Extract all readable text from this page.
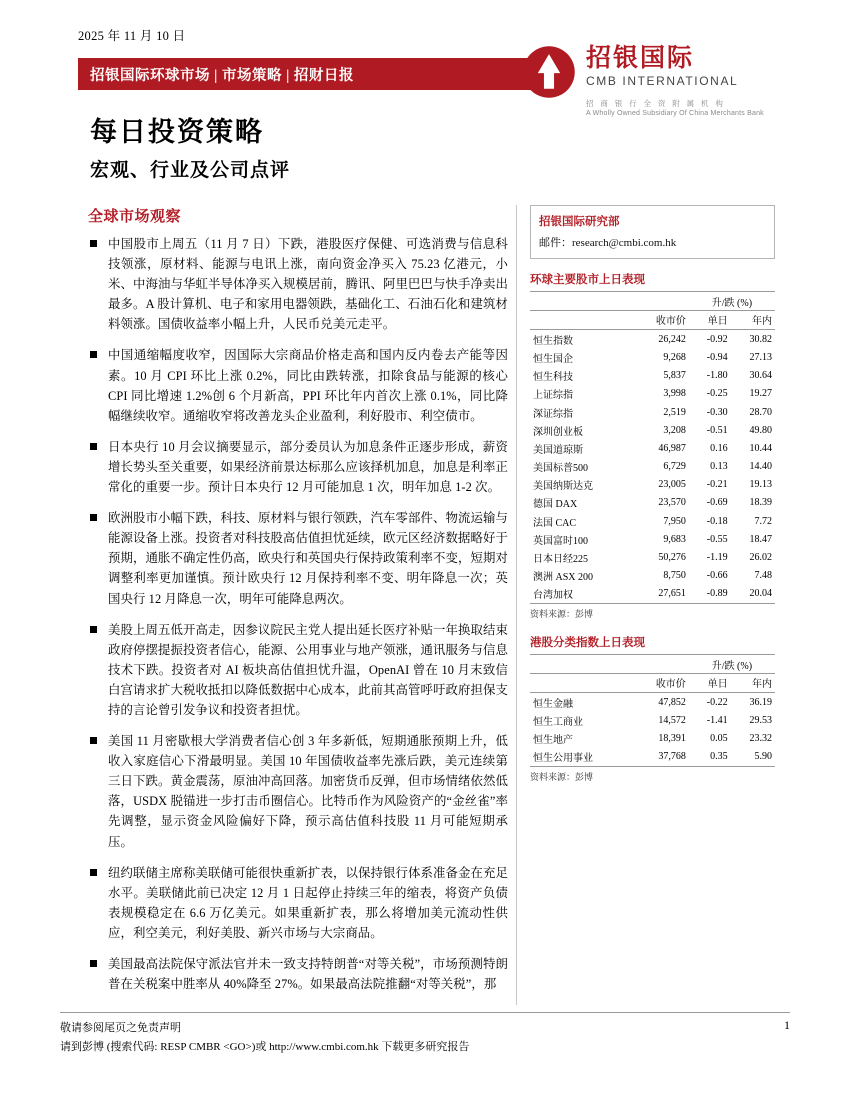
2025 年 11 月 10 日
招银国际环球市场 | 市场策略 | 招财日报
招银国际
CMB INTERNATIONAL
招 商 银 行 全 资 附 属 机 构
A Wholly Owned Subsidiary Of China Merchants Bank
每日投资策略
宏观、行业及公司点评
全球市场观察
中国股市上周五（11 月 7 日）下跌，港股医疗保健、可选消费与信息科技领涨，原材料、能源与电讯上涨，南向资金净买入 75.23 亿港元，小米、中海油与华虹半导体净买入规模居前，腾讯、阿里巴巴与快手净卖出最多。A 股计算机、电子和家用电器领跌，基础化工、石油石化和建筑材料领涨。国债收益率小幅上升，人民币兑美元走平。
中国通缩幅度收窄，因国际大宗商品价格走高和国内反内卷去产能等因素。10 月 CPI 环比上涨 0.2%，同比由跌转涨，扣除食品与能源的核心 CPI 同比增速 1.2%创 6 个月新高，PPI 环比年内首次上涨 0.1%，同比降幅继续收窄。通缩收窄将改善龙头企业盈利，利好股市、利空债市。
日本央行 10 月会议摘要显示，部分委员认为加息条件正逐步形成，薪资增长势头至关重要，如果经济前景达标那么应该择机加息，加息是利率正常化的重要一步。预计日本央行 12 月可能加息 1 次，明年加息 1-2 次。
欧洲股市小幅下跌，科技、原材料与银行领跌，汽车零部件、物流运输与能源设备上涨。投资者对科技股高估值担忧延续，欧元区经济数据略好于预期，通胀不确定性仍高，欧央行和英国央行保持政策利率不变，短期对调整利率更加谨慎。预计欧央行 12 月保持利率不变、明年降息一次；英国央行 12 月降息一次，明年可能降息两次。
美股上周五低开高走，因参议院民主党人提出延长医疗补贴一年换取结束政府停摆提振投资者信心，能源、公用事业与地产领涨，通讯服务与信息技术下跌。投资者对 AI 板块高估值担忧升温，OpenAI 曾在 10 月末致信白宫请求扩大税收抵扣以降低数据中心成本，此前其高管呼吁政府担保支持的言论曾引发争议和投资者担忧。
美国 11 月密歇根大学消费者信心创 3 年多新低，短期通胀预期上升，低收入家庭信心下滑最明显。美国 10 年国债收益率先涨后跌，美元连续第三日下跌。黄金震荡，原油冲高回落。加密货币反弹，但市场情绪依然低落，USDX 脱锚进一步打击币圈信心。比特币作为风险资产的“金丝雀”率先调整，显示资金风险偏好下降，预示高估值科技股 11 月可能短期承压。
纽约联储主席称美联储可能很快重新扩表，以保持银行体系准备金在充足水平。美联储此前已决定 12 月 1 日起停止持续三年的缩表，将资产负债表规模稳定在 6.6 万亿美元。如果重新扩表，那么将增加美元流动性供应，利空美元，利好美股、新兴市场与大宗商品。
美国最高法院保守派法官并未一致支持特朗普“对等关税”，市场预测特朗普在关税案中胜率从 40%降至 27%。如果最高法院推翻“对等关税”，那
招银国际研究部
邮件：research@cmbi.com.hk
环球主要股市上日表现
		升/跌 (%)	
	收市价	单日	年内
恒生指数	26,242	-0.92	30.82
恒生国企	9,268	-0.94	27.13
恒生科技	5,837	-1.80	30.64
上证综指	3,998	-0.25	19.27
深证综指	2,519	-0.30	28.70
深圳创业板	3,208	-0.51	49.80
美国道琼斯	46,987	0.16	10.44
美国标普500	6,729	0.13	14.40
美国纳斯达克	23,005	-0.21	19.13
德国 DAX	23,570	-0.69	18.39
法国 CAC	7,950	-0.18	7.72
英国富时100	9,683	-0.55	18.47
日本日经225	50,276	-1.19	26.02
澳洲 ASX 200	8,750	-0.66	7.48
台湾加权	27,651	-0.89	20.04
资料来源：彭博
港股分类指数上日表现
		升/跌 (%)	
	收市价	单日	年内
恒生金融	47,852	-0.22	36.19
恒生工商业	14,572	-1.41	29.53
恒生地产	18,391	0.05	23.32
恒生公用事业	37,768	0.35	5.90
资料来源：彭博
敬请参阅尾页之免责声明
请到彭博 (搜索代码: RESP CMBR <GO>)或 http://www.cmbi.com.hk 下载更多研究报告
1
